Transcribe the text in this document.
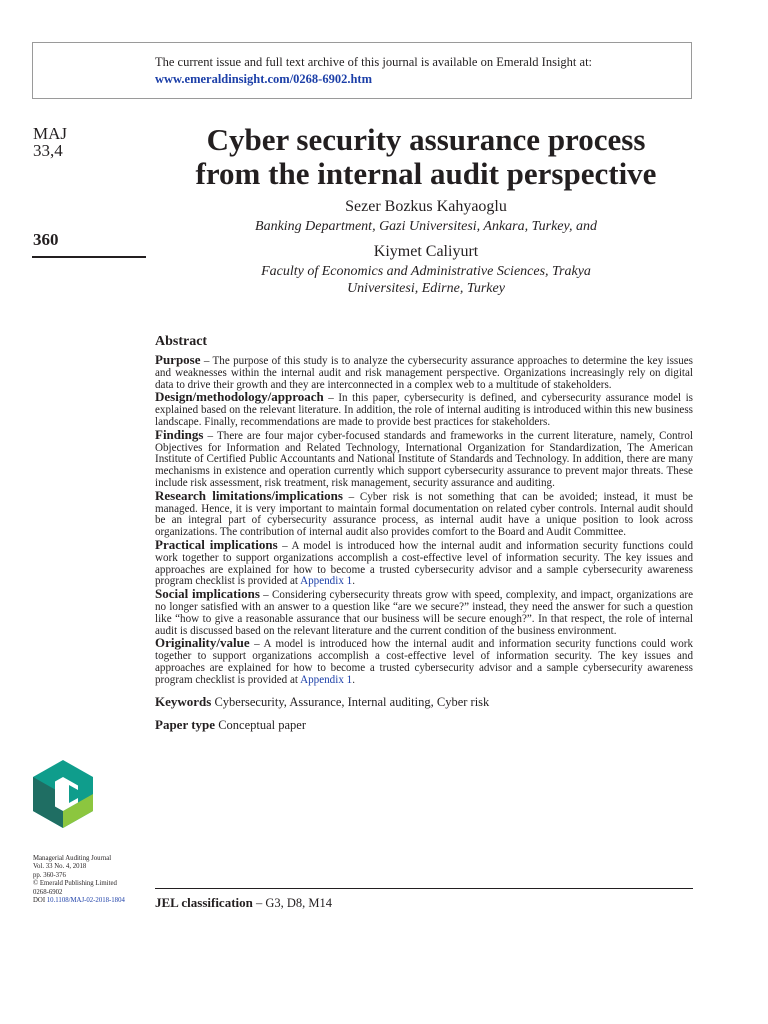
The current issue and full text archive of this journal is available on Emerald Insight at:
www.emeraldinsight.com/0268-6902.htm
MAJ
33,4
360
Cyber security assurance process
from the internal audit perspective
Sezer Bozkus Kahyaoglu
Banking Department, Gazi Universitesi, Ankara, Turkey, and
Kiymet Caliyurt
Faculty of Economics and Administrative Sciences, Trakya
Universitesi, Edirne, Turkey
Abstract

Purpose – The purpose of this study is to analyze the cybersecurity assurance approaches to determine the key issues and weaknesses within the internal audit and risk management perspective. Organizations increasingly rely on digital data to drive their growth and they are interconnected in a complex web to a multitude of stakeholders.

Design/methodology/approach – In this paper, cybersecurity is defined, and cybersecurity assurance model is explained based on the relevant literature. In addition, the role of internal auditing is introduced within this new business landscape. Finally, recommendations are made to provide best practices for stakeholders.

Findings – There are four major cyber-focused standards and frameworks in the current literature, namely, Control Objectives for Information and Related Technology, International Organization for Standardization, The American Institute of Certified Public Accountants and National Institute of Standards and Technology. In addition, there are many mechanisms in existence and operation currently which support cybersecurity assurance to prevent major threats. These include risk assessment, risk treatment, risk management, security assurance and auditing.

Research limitations/implications – Cyber risk is not something that can be avoided; instead, it must be managed. Hence, it is very important to maintain formal documentation on related cyber controls. Internal audit should be an integral part of cybersecurity assurance process, as internal audit have a unique position to look across organizations. The contribution of internal audit also provides comfort to the Board and Audit Committee.

Practical implications – A model is introduced how the internal audit and information security functions could work together to support organizations accomplish a cost-effective level of information security. The key issues and approaches are explained for how to become a trusted cybersecurity advisor and a sample cybersecurity awareness program checklist is provided at Appendix 1.

Social implications – Considering cybersecurity threats grow with speed, complexity, and impact, organizations are no longer satisfied with an answer to a question like “are we secure?” instead, they need the answer for such a question like “how to give a reasonable assurance that our business will be secure enough?”. In that respect, the role of internal audit is discussed based on the relevant literature and the current condition of the business environment.

Originality/value – A model is introduced how the internal audit and information security functions could work together to support organizations accomplish a cost-effective level of information security. The key issues and approaches are explained for how to become a trusted cybersecurity advisor and a sample cybersecurity awareness program checklist is provided at Appendix 1.

Keywords Cybersecurity, Assurance, Internal auditing, Cyber risk
Paper type Conceptual paper
JEL classification – G3, D8, M14
Managerial Auditing Journal
Vol. 33 No. 4, 2018
pp. 360-376
© Emerald Publishing Limited
0268-6902
DOI 10.1108/MAJ-02-2018-1804
